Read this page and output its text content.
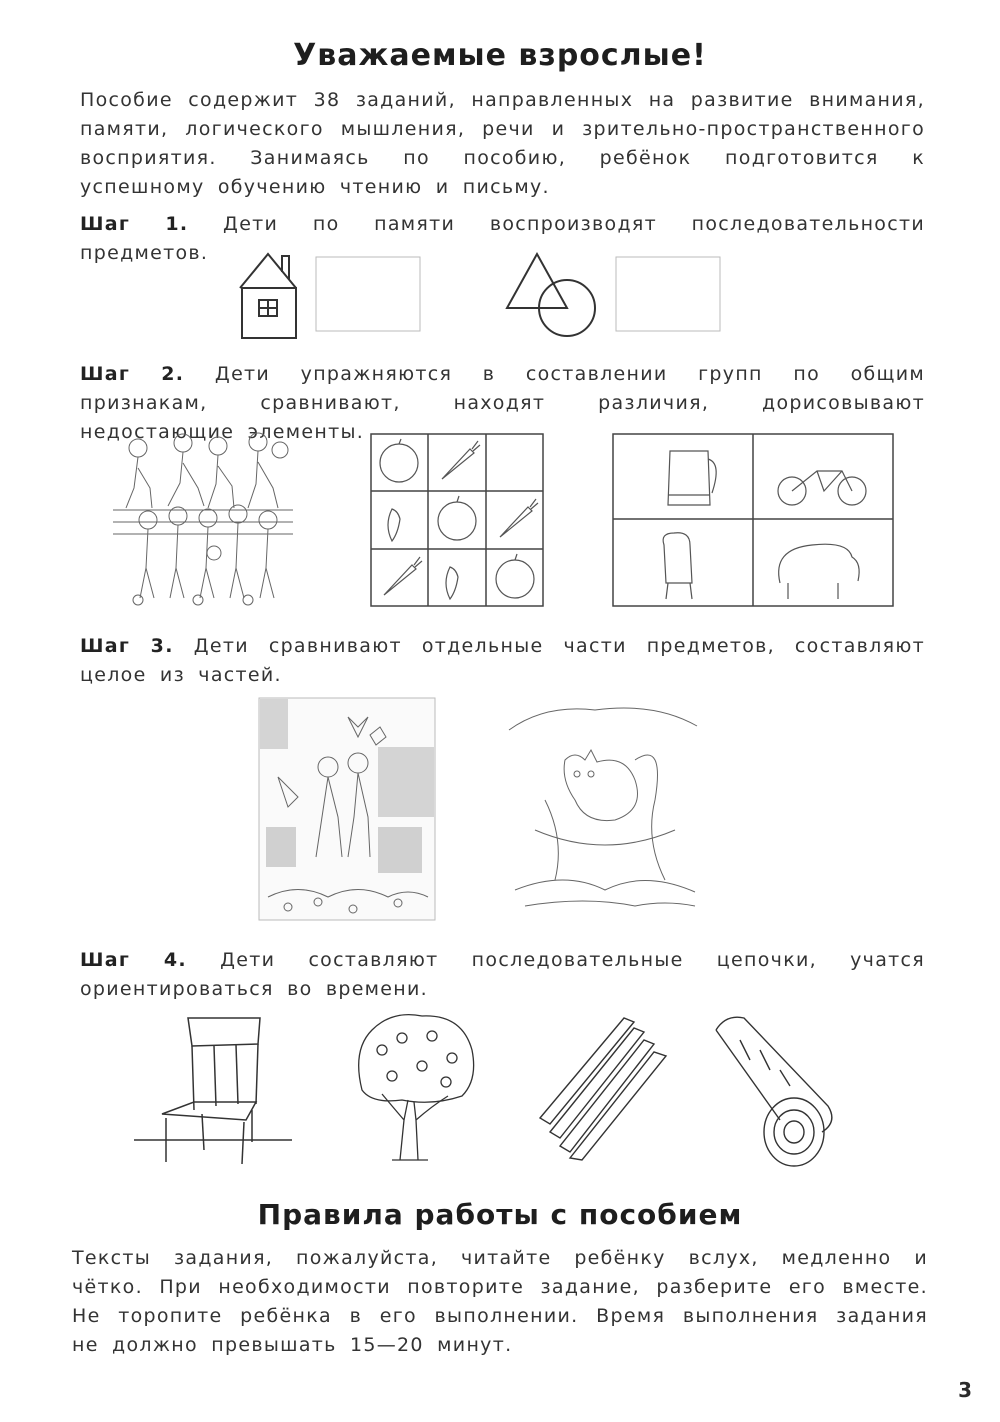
Уважаемые взрослые!
Пособие содержит 38 заданий, направленных на развитие внимания, памяти, логического мышления, речи и зрительно-пространственного восприятия. Занимаясь по пособию, ребёнок подготовится к успешному обучению чтению и письму.
Шаг 1. Дети по памяти воспроизводят последовательности предметов.
Шаг 2. Дети упражняются в составлении групп по общим признакам, сравнивают, находят различия, дорисовывают недостающие элементы.
Шаг 3. Дети сравнивают отдельные части предметов, составляют целое из частей.
Шаг 4. Дети составляют последовательные цепочки, учатся ориентироваться во времени.
Правила работы с пособием
Тексты задания, пожалуйста, читайте ребёнку вслух, медленно и чётко. При необходимости повторите задание, разберите его вместе. Не торопите ребёнка в его выполнении. Время выполнения задания не должно превышать 15—20 минут.
3
